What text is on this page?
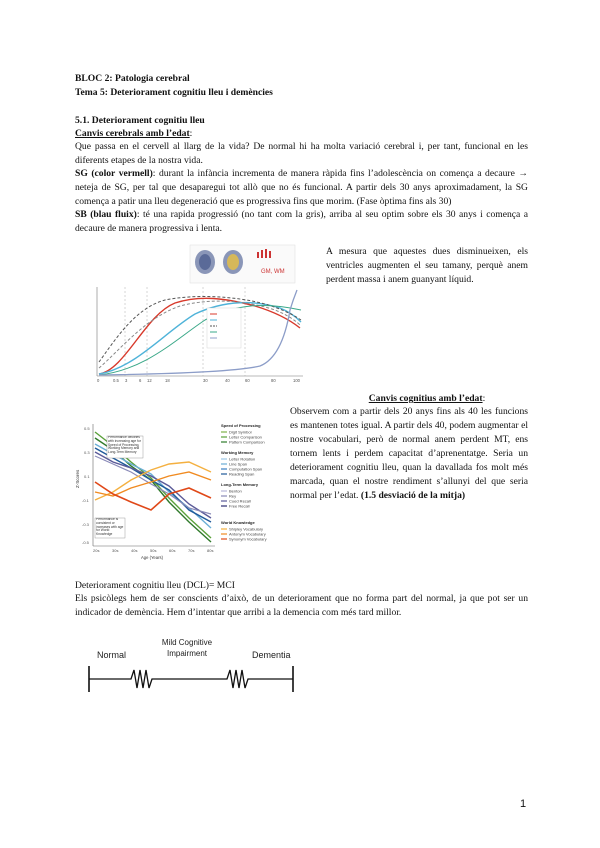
BLOC 2: Patologia cerebral
Tema 5: Deteriorament cognitiu lleu i demències
5.1. Deteriorament cognitiu lleu
Canvis cerebrals amb l’edat:
Que passa en el cervell al llarg de la vida? De normal hi ha molta variació cerebral i, per tant, funcional en les diferents etapes de la nostra vida.
SG (color vermell): durant la infància incrementa de manera ràpida fins l’adolescència on comença a decaure → neteja de SG, per tal que desaparegui tot allò que no és funcional. A partir dels 30 anys aproximadament, la SG comença a patir una lleu degeneració que es progressiva fins que morim. (Fase òptima fins als 30)
SB (blau fluix): té una rapida progressió (no tant com la gris), arriba al seu optim sobre els 30 anys i comença a decaure de manera progressiva i lenta.
GM, WM
0	0.5 3	6 12	18	30	40	60	80	100
A mesura que aquestes dues disminueixen, els ventricles augmenten el seu tamany, perquè anem perdent massa i anem guanyant líquid.
Canvis cognitius amb l’edat:
Observem com a partir dels 20 anys fins als 40 les funcions es mantenen totes igual. A partir dels 40, podem augmentar el nostre vocabulari, però de normal anem perdent MT, ens tornem lents i perdem capacitat d’aprenentatge. Seria un deteriorament cognitiu lleu, quan la davallada fos molt més marcada, quan el nostre rendiment s’allunyi del que seria normal per l’edat. (1.5 desviació de la mitja)
Z-Scores
0.5
0.3
0.1
-0.1
-0.3
-0.5
20s	30s	40s	50s	60s	70s	80s
Age (Years)
Performance declines with increasing age for Speed of Processing, Working Memory and Long-Term Memory
Performance is consistent or increases with age for World Knowledge
Speed of Processing
Digit Symbol
Letter Comparison
Pattern Comparison
Working Memory
Letter Rotation
Line Span
Computation Span
Reading Span
Long-Term Memory
Benton
Rey
Cued Recall
Free Recall
World Knowledge
Shipley Vocabulary
Antonym Vocabulary
Synonym Vocabulary
Deteriorament cognitiu lleu (DCL)= MCI
Els psicòlegs hem de ser conscients d’això, de un deteriorament que no forma part del normal, ja que pot ser un indicador de demència. Hem d’intentar que arribi a la demencia com més tard millor.
Normal
Mild Cognitive
Impairment	Dementia
1
